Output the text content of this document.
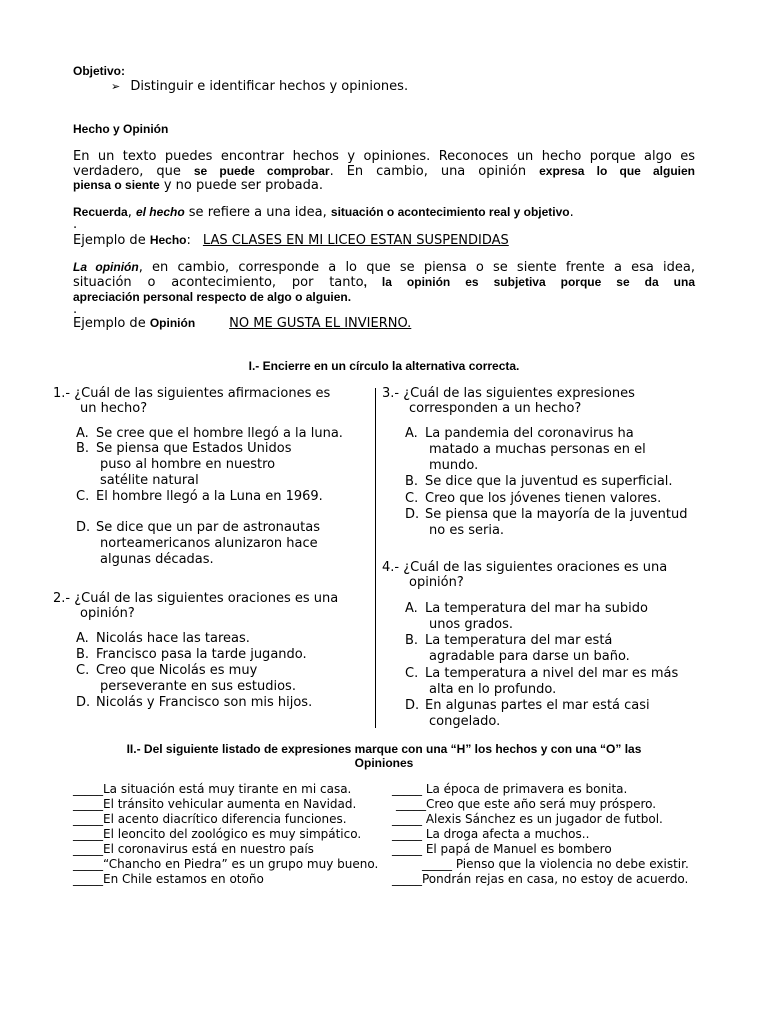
Objetivo:
➢ Distinguir e identificar hechos y opiniones.
Hecho y Opinión
En un texto puedes encontrar hechos y opiniones. Reconoces un hecho porque algo es
verdadero, que se puede comprobar. En cambio, una opinión expresa lo que alguien
piensa o siente y no puede ser probada.
Recuerda, el hecho se refiere a una idea, situación o acontecimiento real y objetivo.
.
Ejemplo de Hecho: LAS CLASES EN MI LICEO ESTAN SUSPENDIDAS
La opinión, en cambio, corresponde a lo que se piensa o se siente frente a esa idea,
situación o acontecimiento, por tanto, la opinión es subjetiva porque se da una
apreciación personal respecto de algo o alguien.
.
Ejemplo de Opinión	NO ME GUSTA EL INVIERNO.
I.- Encierre en un círculo la alternativa correcta.
1.- ¿Cuál de las siguientes afirmaciones es
un hecho?
A. Se cree que el hombre llegó a la luna.
B. Se piensa que Estados Unidos
puso al hombre en nuestro
satélite natural
C. El hombre llegó a la Luna en 1969.
D. Se dice que un par de astronautas
norteamericanos alunizaron hace
algunas décadas.
2.- ¿Cuál de las siguientes oraciones es una
opinión?
A. Nicolás hace las tareas.
B. Francisco pasa la tarde jugando.
C. Creo que Nicolás es muy
perseverante en sus estudios.
D. Nicolás y Francisco son mis hijos.
3.- ¿Cuál de las siguientes expresiones
corresponden a un hecho?
A. La pandemia del coronavirus ha
matado a muchas personas en el
mundo.
B. Se dice que la juventud es superficial.
C. Creo que los jóvenes tienen valores.
D. Se piensa que la mayoría de la juventud
no es seria.
4.- ¿Cuál de las siguientes oraciones es una
opinión?
A. La temperatura del mar ha subido
unos grados.
B. La temperatura del mar está
agradable para darse un baño.
C. La temperatura a nivel del mar es más
alta en lo profundo.
D. En algunas partes el mar está casi
congelado.
II.- Del siguiente listado de expresiones marque con una “H” los hechos y con una “O” las
Opiniones
_____La situación está muy tirante en mi casa.
_____El tránsito vehicular aumenta en Navidad.
_____El acento diacrítico diferencia funciones.
_____El leoncito del zoológico es muy simpático.
_____El coronavirus está en nuestro país
_____“Chancho en Piedra” es un grupo muy bueno.
_____En Chile estamos en otoño
_____ La época de primavera es bonita.
_____Creo que este año será muy próspero.
_____ Alexis Sánchez es un jugador de futbol.
_____ La droga afecta a muchos..
_____ El papá de Manuel es bombero
_____ Pienso que la violencia no debe existir.
_____Pondrán rejas en casa, no estoy de acuerdo.
